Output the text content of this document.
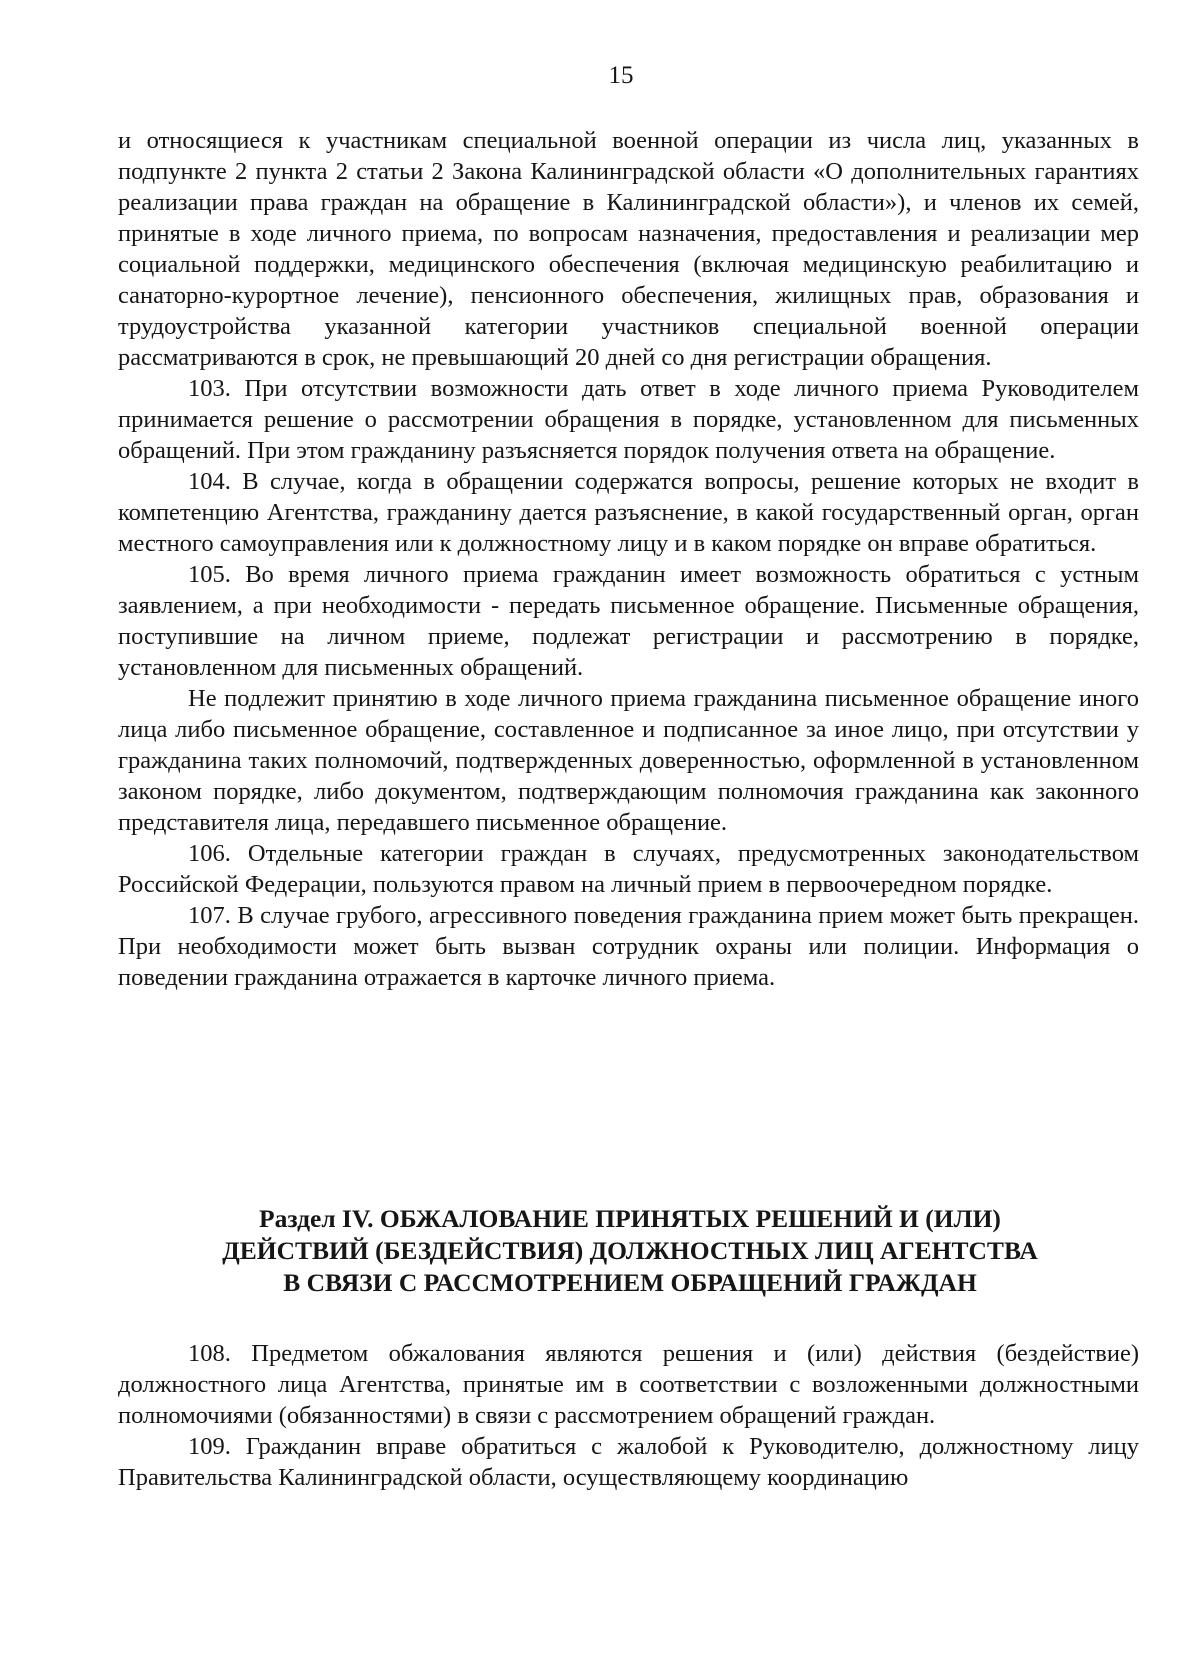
15

и относящиеся к участникам специальной военной операции из числа лиц, указанных в подпункте 2 пункта 2 статьи 2 Закона Калининградской области «О дополнительных гарантиях реализации права граждан на обращение в Калининградской области»), и членов их семей, принятые в ходе личного приема, по вопросам назначения, предоставления и реализации мер социальной поддержки, медицинского обеспечения (включая медицинскую реабилитацию и санаторно-курортное лечение), пенсионного обеспечения, жилищных прав, образования и трудоустройства указанной категории участников специальной военной операции рассматриваются в срок, не превышающий 20 дней со дня регистрации обращения.

103. При отсутствии возможности дать ответ в ходе личного приема Руководителем принимается решение о рассмотрении обращения в порядке, установленном для письменных обращений. При этом гражданину разъясняется порядок получения ответа на обращение.

104. В случае, когда в обращении содержатся вопросы, решение которых не входит в компетенцию Агентства, гражданину дается разъяснение, в какой государственный орган, орган местного самоуправления или к должностному лицу и в каком порядке он вправе обратиться.

105. Во время личного приема гражданин имеет возможность обратиться с устным заявлением, а при необходимости - передать письменное обращение. Письменные обращения, поступившие на личном приеме, подлежат регистрации и рассмотрению в порядке, установленном для письменных обращений.

Не подлежит принятию в ходе личного приема гражданина письменное обращение иного лица либо письменное обращение, составленное и подписанное за иное лицо, при отсутствии у гражданина таких полномочий, подтвержденных доверенностью, оформленной в установленном законом порядке, либо документом, подтверждающим полномочия гражданина как законного представителя лица, передавшего письменное обращение.

106. Отдельные категории граждан в случаях, предусмотренных законодательством Российской Федерации, пользуются правом на личный прием в первоочередном порядке.

107. В случае грубого, агрессивного поведения гражданина прием может быть прекращен. При необходимости может быть вызван сотрудник охраны или полиции. Информация о поведении гражданина отражается в карточке личного приема.

Раздел IV. ОБЖАЛОВАНИЕ ПРИНЯТЫХ РЕШЕНИЙ И (ИЛИ)
ДЕЙСТВИЙ (БЕЗДЕЙСТВИЯ) ДОЛЖНОСТНЫХ ЛИЦ АГЕНТСТВА
В СВЯЗИ С РАССМОТРЕНИЕМ ОБРАЩЕНИЙ ГРАЖДАН

108. Предметом обжалования являются решения и (или) действия (бездействие) должностного лица Агентства, принятые им в соответствии с возложенными должностными полномочиями (обязанностями) в связи с рассмотрением обращений граждан.

109. Гражданин вправе обратиться с жалобой к Руководителю, должностному лицу Правительства Калининградской области, осуществляющему координацию
